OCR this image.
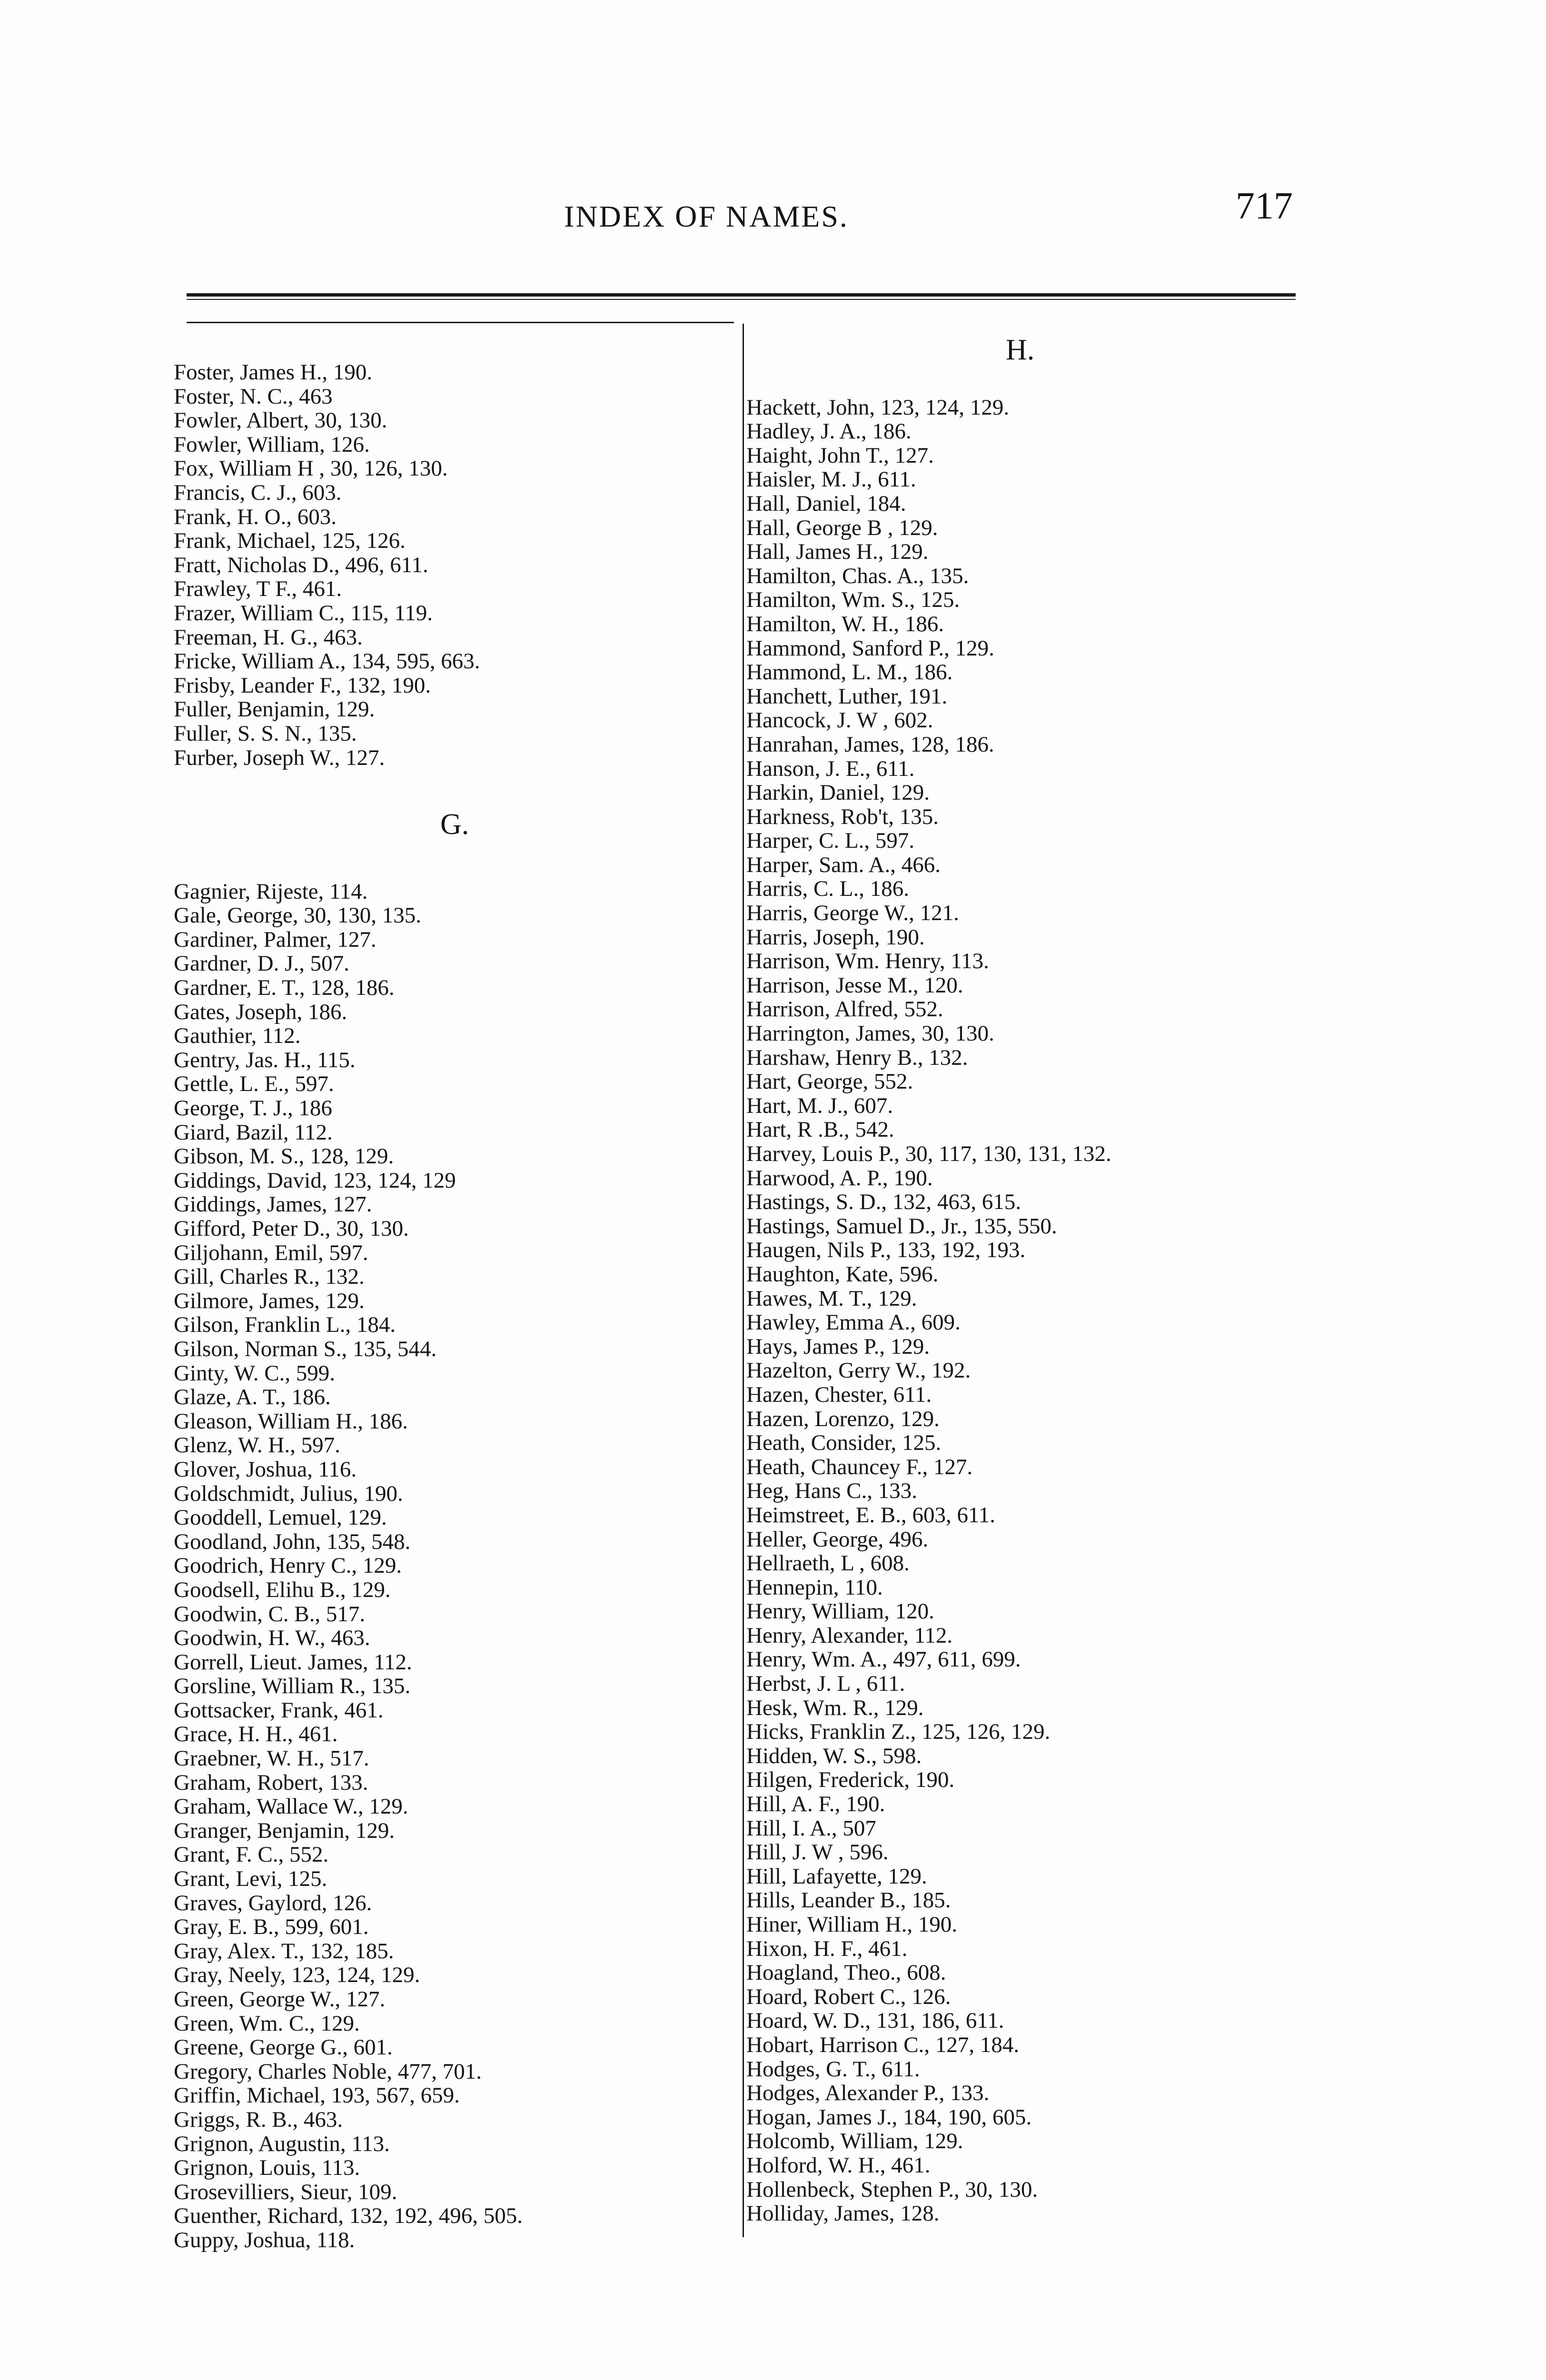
INDEX OF NAMES.	717
Foster, James H., 190.
Foster, N. C., 463
Fowler, Albert, 30, 130.
Fowler, William, 126.
Fox, William H , 30, 126, 130.
Francis, C. J., 603.
Frank, H. O., 603.
Frank, Michael, 125, 126.
Fratt, Nicholas D., 496, 611.
Frawley, T F., 461.
Frazer, William C., 115, 119.
Freeman, H. G., 463.
Fricke, William A., 134, 595, 663.
Frisby, Leander F., 132, 190.
Fuller, Benjamin, 129.
Fuller, S. S. N., 135.
Furber, Joseph W., 127.
G.
Gagnier, Rijeste, 114.
Gale, George, 30, 130, 135.
Gardiner, Palmer, 127.
Gardner, D. J., 507.
Gardner, E. T., 128, 186.
Gates, Joseph, 186.
Gauthier, 112.
Gentry, Jas. H., 115.
Gettle, L. E., 597.
George, T. J., 186
Giard, Bazil, 112.
Gibson, M. S., 128, 129.
Giddings, David, 123, 124, 129
Giddings, James, 127.
Gifford, Peter D., 30, 130.
Giljohann, Emil, 597.
Gill, Charles R., 132.
Gilmore, James, 129.
Gilson, Franklin L., 184.
Gilson, Norman S., 135, 544.
Ginty, W. C., 599.
Glaze, A. T., 186.
Gleason, William H., 186.
Glenz, W. H., 597.
Glover, Joshua, 116.
Goldschmidt, Julius, 190.
Gooddell, Lemuel, 129.
Goodland, John, 135, 548.
Goodrich, Henry C., 129.
Goodsell, Elihu B., 129.
Goodwin, C. B., 517.
Goodwin, H. W., 463.
Gorrell, Lieut. James, 112.
Gorsline, William R., 135.
Gottsacker, Frank, 461.
Grace, H. H., 461.
Graebner, W. H., 517.
Graham, Robert, 133.
Graham, Wallace W., 129.
Granger, Benjamin, 129.
Grant, F. C., 552.
Grant, Levi, 125.
Graves, Gaylord, 126.
Gray, E. B., 599, 601.
Gray, Alex. T., 132, 185.
Gray, Neely, 123, 124, 129.
Green, George W., 127.
Green, Wm. C., 129.
Greene, George G., 601.
Gregory, Charles Noble, 477, 701.
Griffin, Michael, 193, 567, 659.
Griggs, R. B., 463.
Grignon, Augustin, 113.
Grignon, Louis, 113.
Grosevilliers, Sieur, 109.
Guenther, Richard, 132, 192, 496, 505.
Guppy, Joshua, 118.
H.
Hackett, John, 123, 124, 129.
Hadley, J. A., 186.
Haight, John T., 127.
Haisler, M. J., 611.
Hall, Daniel, 184.
Hall, George B , 129.
Hall, James H., 129.
Hamilton, Chas. A., 135.
Hamilton, Wm. S., 125.
Hamilton, W. H., 186.
Hammond, Sanford P., 129.
Hammond, L. M., 186.
Hanchett, Luther, 191.
Hancock, J. W , 602.
Hanrahan, James, 128, 186.
Hanson, J. E., 611.
Harkin, Daniel, 129.
Harkness, Rob't, 135.
Harper, C. L., 597.
Harper, Sam. A., 466.
Harris, C. L., 186.
Harris, George W., 121.
Harris, Joseph, 190.
Harrison, Wm. Henry, 113.
Harrison, Jesse M., 120.
Harrison, Alfred, 552.
Harrington, James, 30, 130.
Harshaw, Henry B., 132.
Hart, George, 552.
Hart, M. J., 607.
Hart, R .B., 542.
Harvey, Louis P., 30, 117, 130, 131, 132.
Harwood, A. P., 190.
Hastings, S. D., 132, 463, 615.
Hastings, Samuel D., Jr., 135, 550.
Haugen, Nils P., 133, 192, 193.
Haughton, Kate, 596.
Hawes, M. T., 129.
Hawley, Emma A., 609.
Hays, James P., 129.
Hazelton, Gerry W., 192.
Hazen, Chester, 611.
Hazen, Lorenzo, 129.
Heath, Consider, 125.
Heath, Chauncey F., 127.
Heg, Hans C., 133.
Heimstreet, E. B., 603, 611.
Heller, George, 496.
Hellraeth, L , 608.
Hennepin, 110.
Henry, William, 120.
Henry, Alexander, 112.
Henry, Wm. A., 497, 611, 699.
Herbst, J. L , 611.
Hesk, Wm. R., 129.
Hicks, Franklin Z., 125, 126, 129.
Hidden, W. S., 598.
Hilgen, Frederick, 190.
Hill, A. F., 190.
Hill, I. A., 507
Hill, J. W , 596.
Hill, Lafayette, 129.
Hills, Leander B., 185.
Hiner, William H., 190.
Hixon, H. F., 461.
Hoagland, Theo., 608.
Hoard, Robert C., 126.
Hoard, W. D., 131, 186, 611.
Hobart, Harrison C., 127, 184.
Hodges, G. T., 611.
Hodges, Alexander P., 133.
Hogan, James J., 184, 190, 605.
Holcomb, William, 129.
Holford, W. H., 461.
Hollenbeck, Stephen P., 30, 130.
Holliday, James, 128.
